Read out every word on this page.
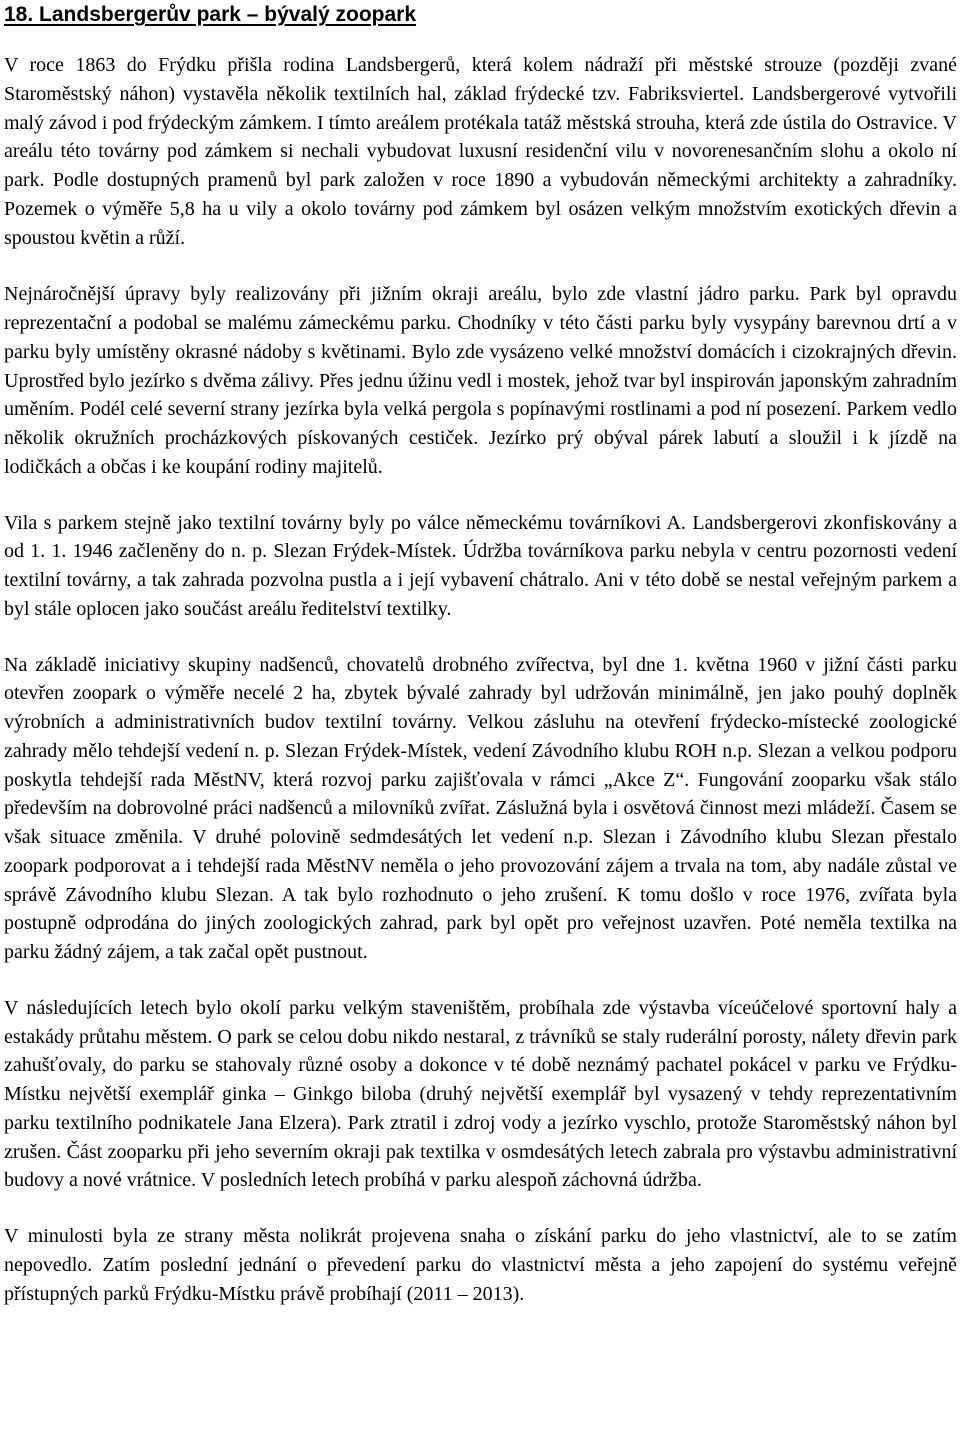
18. Landsbergerův park – bývalý zoopark

V roce 1863 do Frýdku přišla rodina Landsbergerů, která kolem nádraží při městské strouze (později zvané Staroměstský náhon) vystavěla několik textilních hal, základ frýdecké tzv. Fabriksviertel. Landsbergerové vytvořili malý závod i pod frýdeckým zámkem. I tímto areálem protékala tatáž městská strouha, která zde ústila do Ostravice. V areálu této továrny pod zámkem si nechali vybudovat luxusní residenční vilu v novorenesančním slohu a okolo ní park. Podle dostupných pramenů byl park založen v roce 1890 a vybudován německými architekty a zahradníky. Pozemek o výměře 5,8 ha u vily a okolo továrny pod zámkem byl osázen velkým množstvím exotických dřevin a spoustou květin a růží.

Nejnáročnější úpravy byly realizovány při jižním okraji areálu, bylo zde vlastní jádro parku. Park byl opravdu reprezentační a podobal se malému zámeckému parku. Chodníky v této části parku byly vysypány barevnou drtí a v parku byly umístěny okrasné nádoby s květinami. Bylo zde vysázeno velké množství domácích i cizokrajných dřevin. Uprostřed bylo jezírko s dvěma zálivy. Přes jednu úžinu vedl i mostek, jehož tvar byl inspirován japonským zahradním uměním. Podél celé severní strany jezírka byla velká pergola s popínavými rostlinami a pod ní posezení. Parkem vedlo několik okružních procházkových pískovaných cestiček. Jezírko prý obýval párek labutí a sloužil i k jízdě na lodičkách a občas i ke koupání rodiny majitelů.

Vila s parkem stejně jako textilní továrny byly po válce německému továrníkovi A. Landsbergerovi zkonfiskovány a od 1. 1. 1946 začleněny do n. p. Slezan Frýdek-Místek. Údržba továrníkova parku nebyla v centru pozornosti vedení textilní továrny, a tak zahrada pozvolna pustla a i její vybavení chátralo. Ani v této době se nestal veřejným parkem a byl stále oplocen jako součást areálu ředitelství textilky.

Na základě iniciativy skupiny nadšenců, chovatelů drobného zvířectva, byl dne 1. května 1960 v jižní části parku otevřen zoopark o výměře necelé 2 ha, zbytek bývalé zahrady byl udržován minimálně, jen jako pouhý doplněk výrobních a administrativních budov textilní továrny. Velkou zásluhu na otevření frýdecko-místecké zoologické zahrady mělo tehdejší vedení n. p. Slezan Frýdek-Místek, vedení Závodního klubu ROH n.p. Slezan a velkou podporu poskytla tehdejší rada MěstNV, která rozvoj parku zajišťovala v rámci „Akce Z“. Fungování zooparku však stálo především na dobrovolné práci nadšenců a milovníků zvířat. Záslužná byla i osvětová činnost mezi mládeží. Časem se však situace změnila. V druhé polovině sedmdesátých let vedení n.p. Slezan i Závodního klubu Slezan přestalo zoopark podporovat a i tehdejší rada MěstNV neměla o jeho provozování zájem a trvala na tom, aby nadále zůstal ve správě Závodního klubu Slezan. A tak bylo rozhodnuto o jeho zrušení. K tomu došlo v roce 1976, zvířata byla postupně odprodána do jiných zoologických zahrad, park byl opět pro veřejnost uzavřen. Poté neměla textilka na parku žádný zájem, a tak začal opět pustnout.

V následujících letech bylo okolí parku velkým staveništěm, probíhala zde výstavba víceúčelové sportovní haly a estakády průtahu městem. O park se celou dobu nikdo nestaral, z trávníků se staly ruderální porosty, nálety dřevin park zahušťovaly, do parku se stahovaly různé osoby a dokonce v té době neznámý pachatel pokácel v parku ve Frýdku-Místku největší exemplář ginka – Ginkgo biloba (druhý největší exemplář byl vysazený v tehdy reprezentativním parku textilního podnikatele Jana Elzera). Park ztratil i zdroj vody a jezírko vyschlo, protože Staroměstský náhon byl zrušen. Část zooparku při jeho severním okraji pak textilka v osmdesátých letech zabrala pro výstavbu administrativní budovy a nové vrátnice. V posledních letech probíhá v parku alespoň záchovná údržba.

V minulosti byla ze strany města nolikrát projevena snaha o získání parku do jeho vlastnictví, ale to se zatím nepovedlo. Zatím poslední jednání o převedení parku do vlastnictví města a jeho zapojení do systému veřejně přístupných parků Frýdku-Místku právě probíhají (2011 – 2013).
